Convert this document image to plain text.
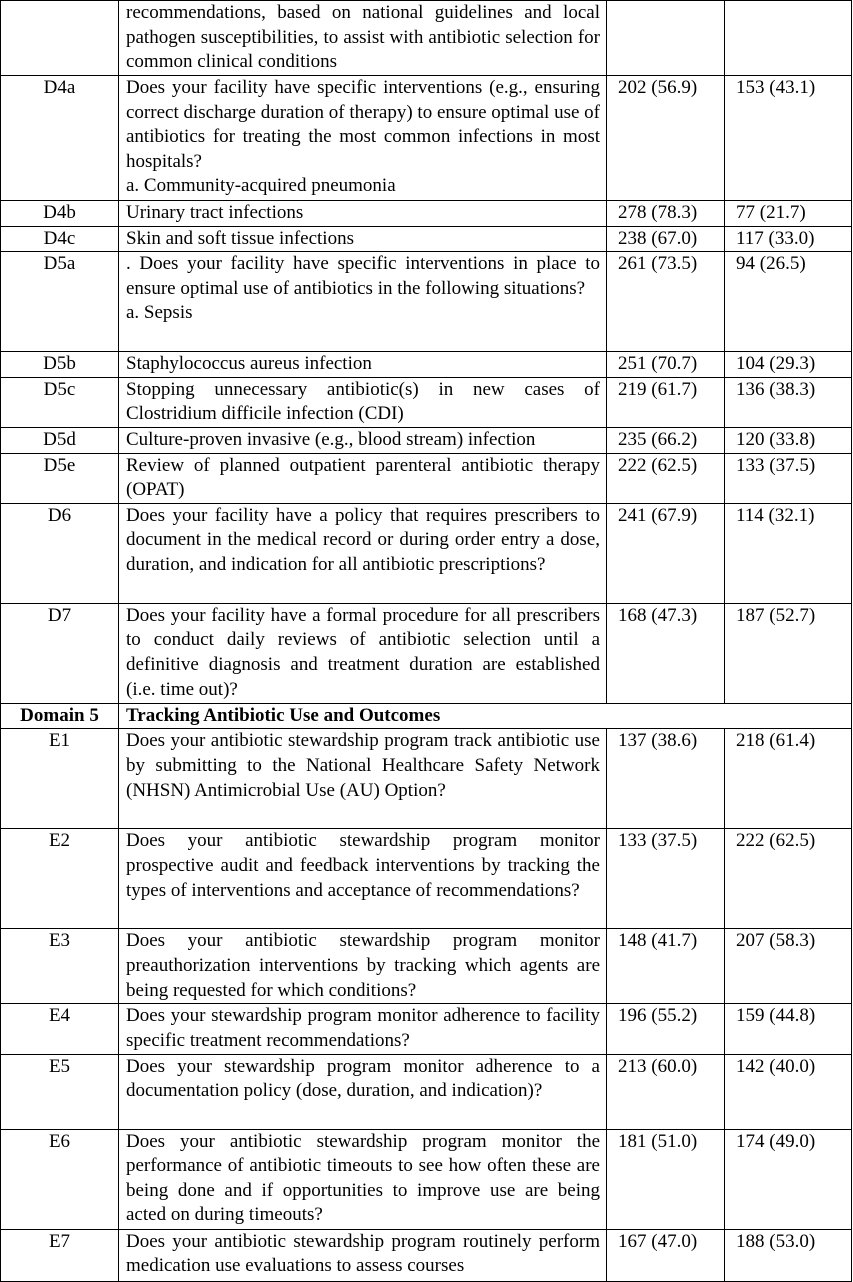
	recommendations, based on national guidelines and local pathogen susceptibilities, to assist with antibiotic selection for common clinical conditions		
D4a	Does your facility have specific interventions (e.g., ensuring correct discharge duration of therapy) to ensure optimal use of antibiotics for treating the most common infections in most hospitals?
a. Community-acquired pneumonia	202 (56.9)	153 (43.1)
D4b	Urinary tract infections	278 (78.3)	77 (21.7)
D4c	Skin and soft tissue infections	238 (67.0)	117 (33.0)
D5a	. Does your facility have specific interventions in place to ensure optimal use of antibiotics in the following situations?
a. Sepsis	261 (73.5)	94 (26.5)
D5b	Staphylococcus aureus infection	251 (70.7)	104 (29.3)
D5c	Stopping unnecessary antibiotic(s) in new cases of Clostridium difficile infection (CDI)	219 (61.7)	136 (38.3)
D5d	Culture-proven invasive (e.g., blood stream) infection	235 (66.2)	120 (33.8)
D5e	Review of planned outpatient parenteral antibiotic therapy (OPAT)	222 (62.5)	133 (37.5)
D6	Does your facility have a policy that requires prescribers to document in the medical record or during order entry a dose, duration, and indication for all antibiotic prescriptions?	241 (67.9)	114 (32.1)
D7	Does your facility have a formal procedure for all prescribers to conduct daily reviews of antibiotic selection until a definitive diagnosis and treatment duration are established (i.e. time out)?	168 (47.3)	187 (52.7)
Domain 5	Tracking Antibiotic Use and Outcomes		
E1	Does your antibiotic stewardship program track antibiotic use by submitting to the National Healthcare Safety Network (NHSN) Antimicrobial Use (AU) Option?	137 (38.6)	218 (61.4)
E2	Does your antibiotic stewardship program monitor prospective audit and feedback interventions by tracking the types of interventions and acceptance of recommendations?	133 (37.5)	222 (62.5)
E3	Does your antibiotic stewardship program monitor preauthorization interventions by tracking which agents are being requested for which conditions?	148 (41.7)	207 (58.3)
E4	Does your stewardship program monitor adherence to facility specific treatment recommendations?	196 (55.2)	159 (44.8)
E5	Does your stewardship program monitor adherence to a documentation policy (dose, duration, and indication)?	213 (60.0)	142 (40.0)
E6	Does your antibiotic stewardship program monitor the performance of antibiotic timeouts to see how often these are being done and if opportunities to improve use are being acted on during timeouts?	181 (51.0)	174 (49.0)
E7	Does your antibiotic stewardship program routinely perform medication use evaluations to assess courses	167 (47.0)	188 (53.0)
